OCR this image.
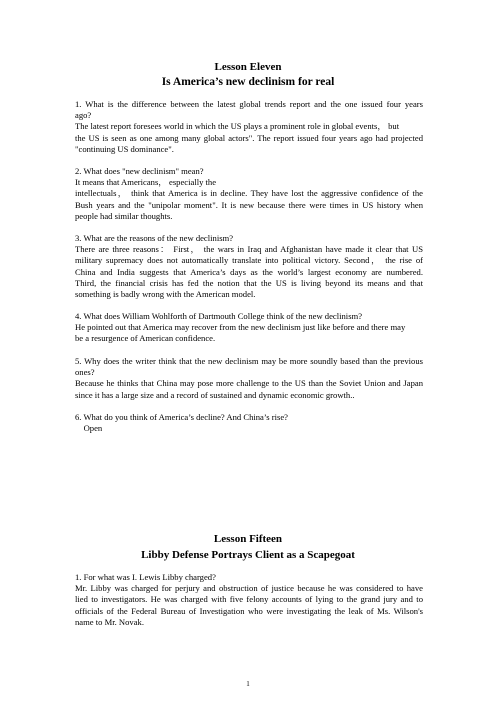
Lesson Eleven
Is America’s new declinism for real
1. What is the difference between the latest global trends report and the one issued four years
ago?
The latest report foresees world in which the US plays a prominent role in global events， but
the US is seen as one among many global actors". The report issued four years ago had projected
"continuing US dominance".
2. What does "new declinism" mean?
It means that Americans， especially the
intellectuals， think that America is in decline. They have lost the aggressive confidence of the
Bush years and the "unipolar moment". It is new because there were times in US history when
people had similar thoughts.
3. What are the reasons of the new declinism?
There are three reasons： First， the wars in Iraq and Afghanistan have made it clear that US
military supremacy does not automatically translate into political victory. Second， the rise of
China and India suggests that America’s days as the world’s largest economy are numbered.
Third, the financial crisis has fed the notion that the US is living beyond its means and that
something is badly wrong with the American model.
4. What does William Wohlforth of Dartmouth College think of the new declinism?
He pointed out that America may recover from the new declinism just like before and there may
be a resurgence of American confidence.
5. Why does the writer think that the new declinism may be more soundly based than the previous
ones?
Because he thinks that China may pose more challenge to the US than the Soviet Union and Japan
since it has a large size and a record of sustained and dynamic economic growth..
6. What do you think of America’s decline? And China’s rise?
Open
Lesson Fifteen
Libby Defense Portrays Client as a Scapegoat
1. For what was I. Lewis Libby charged?
Mr. Libby was charged for perjury and obstruction of justice because he was considered to have
lied to investigators. He was charged with five felony accounts of lying to the grand jury and to
officials of the Federal Bureau of Investigation who were investigating the leak of Ms. Wilson's
name to Mr. Novak.
1
